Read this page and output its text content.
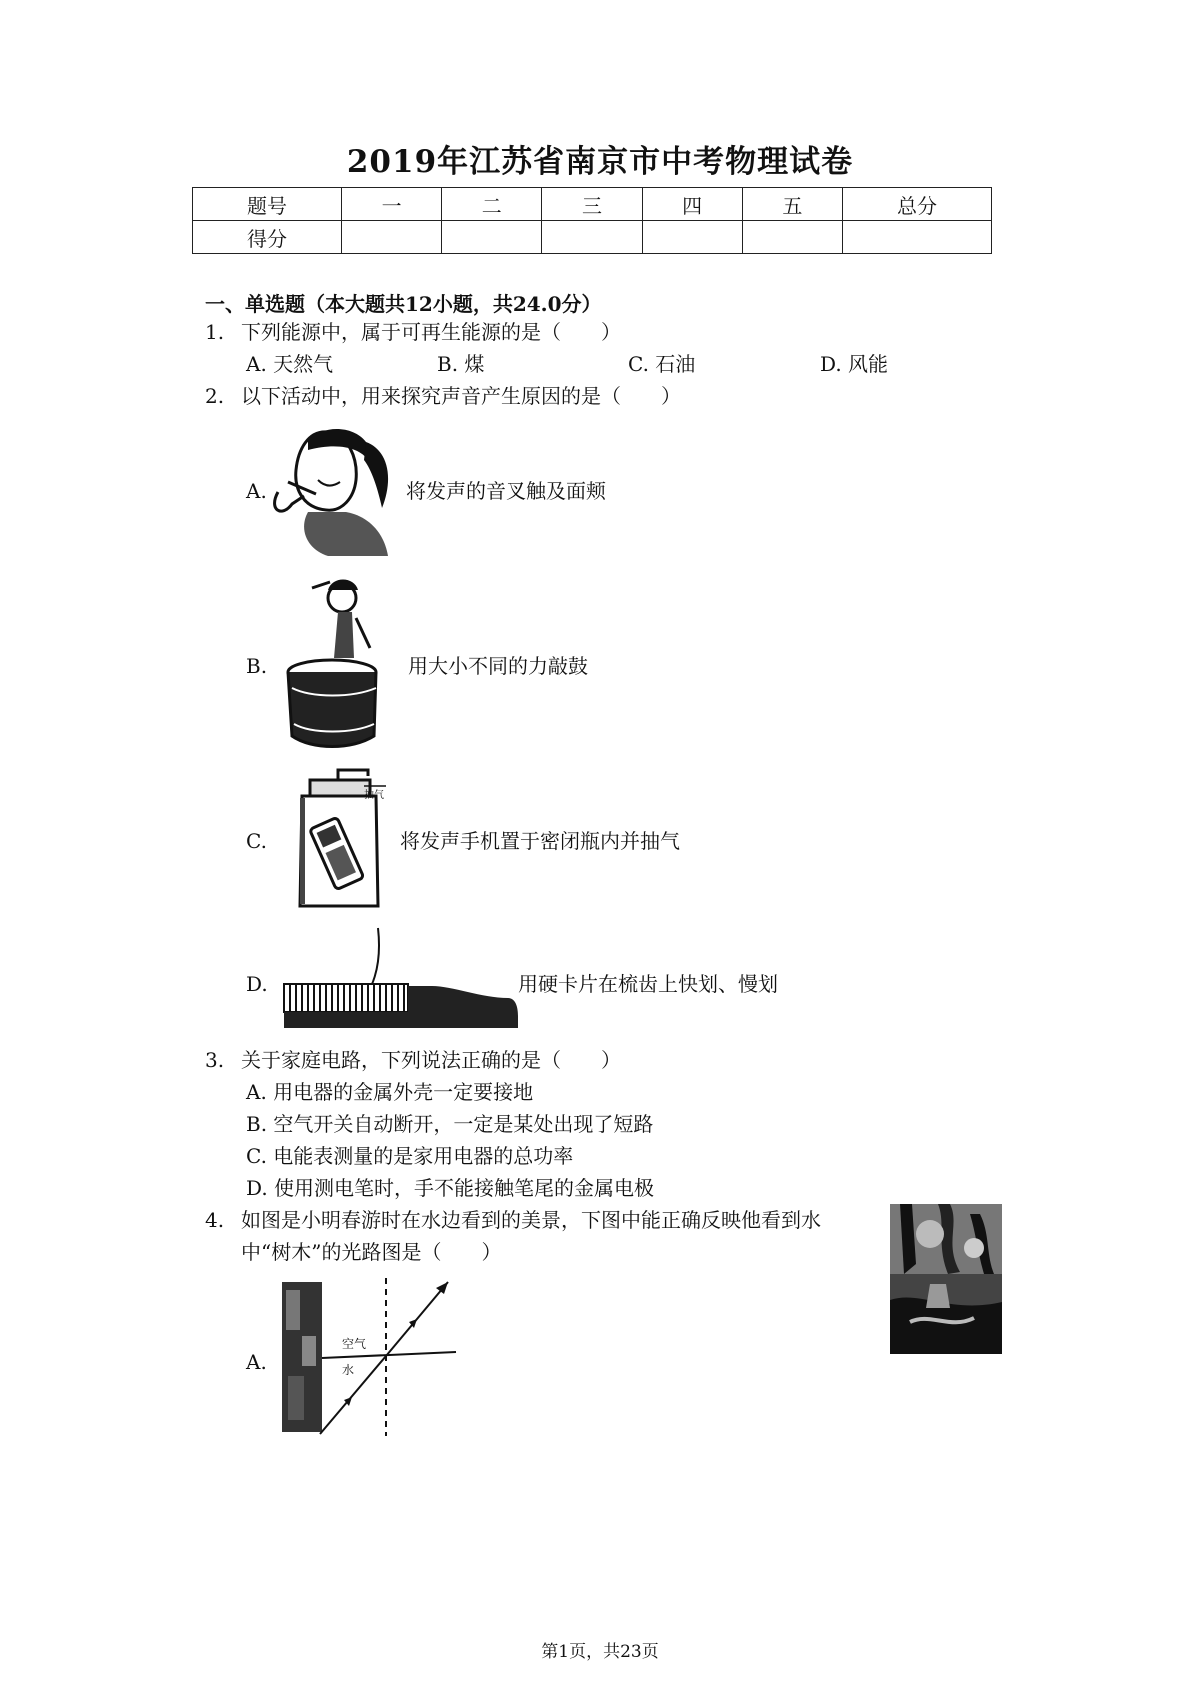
2019年江苏省南京市中考物理试卷
题号	一	二	三	四	五	总分
得分						
一、单选题（本大题共12小题，共24.0分）
1. 下列能源中，属于可再生能源的是（　　）
A. 天然气	B. 煤	C. 石油	D. 风能
2. 以下活动中，用来探究声音产生原因的是（　　）
A.	将发声的音叉触及面颊
B.	用大小不同的力敲鼓
C.
抽气
将发声手机置于密闭瓶内并抽气
D.	用硬卡片在梳齿上快划、慢划
3. 关于家庭电路，下列说法正确的是（　　）
A. 用电器的金属外壳一定要接地
B. 空气开关自动断开，一定是某处出现了短路
C. 电能表测量的是家用电器的总功率
D. 使用测电笔时，手不能接触笔尾的金属电极
4. 如图是小明春游时在水边看到的美景，下图中能正确反映他看到水
中“树木”的光路图是（　　）
A.
空气
水
第1页，共23页
